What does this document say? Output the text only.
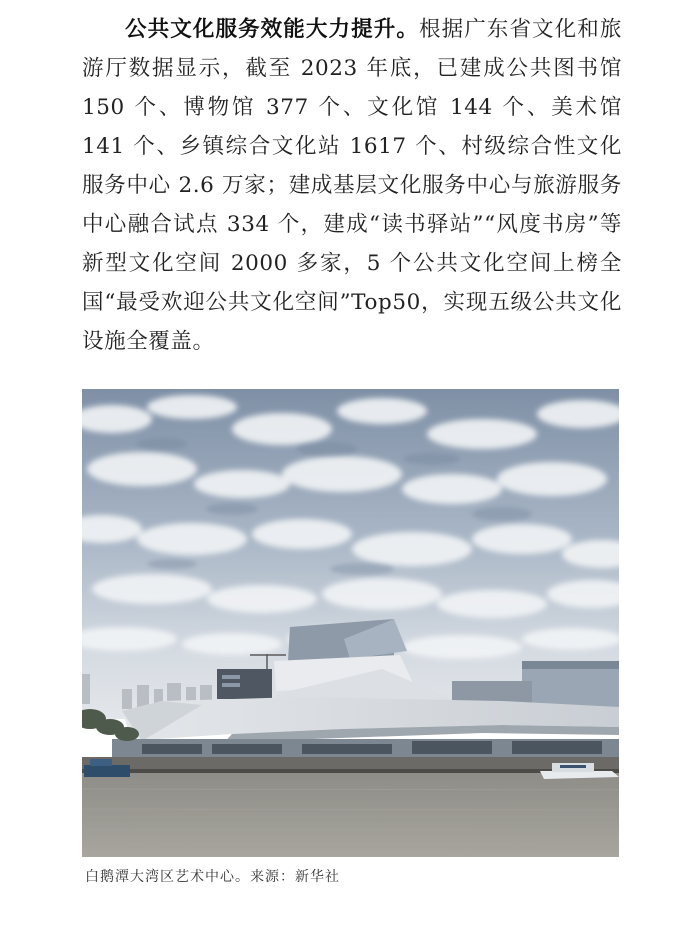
公共文化服务效能大力提升。根据广东省文化和旅游厅数据显示，截至 2023 年底，已建成公共图书馆 150 个、博物馆 377 个、文化馆 144 个、美术馆 141 个、乡镇综合文化站 1617 个、村级综合性文化服务中心 2.6 万家；建成基层文化服务中心与旅游服务中心融合试点 334 个，建成“读书驿站”“风度书房”等新型文化空间 2000 多家，5 个公共文化空间上榜全国“最受欢迎公共文化空间”Top50，实现五级公共文化设施全覆盖。

白鹅潭大湾区艺术中心。来源：新华社
